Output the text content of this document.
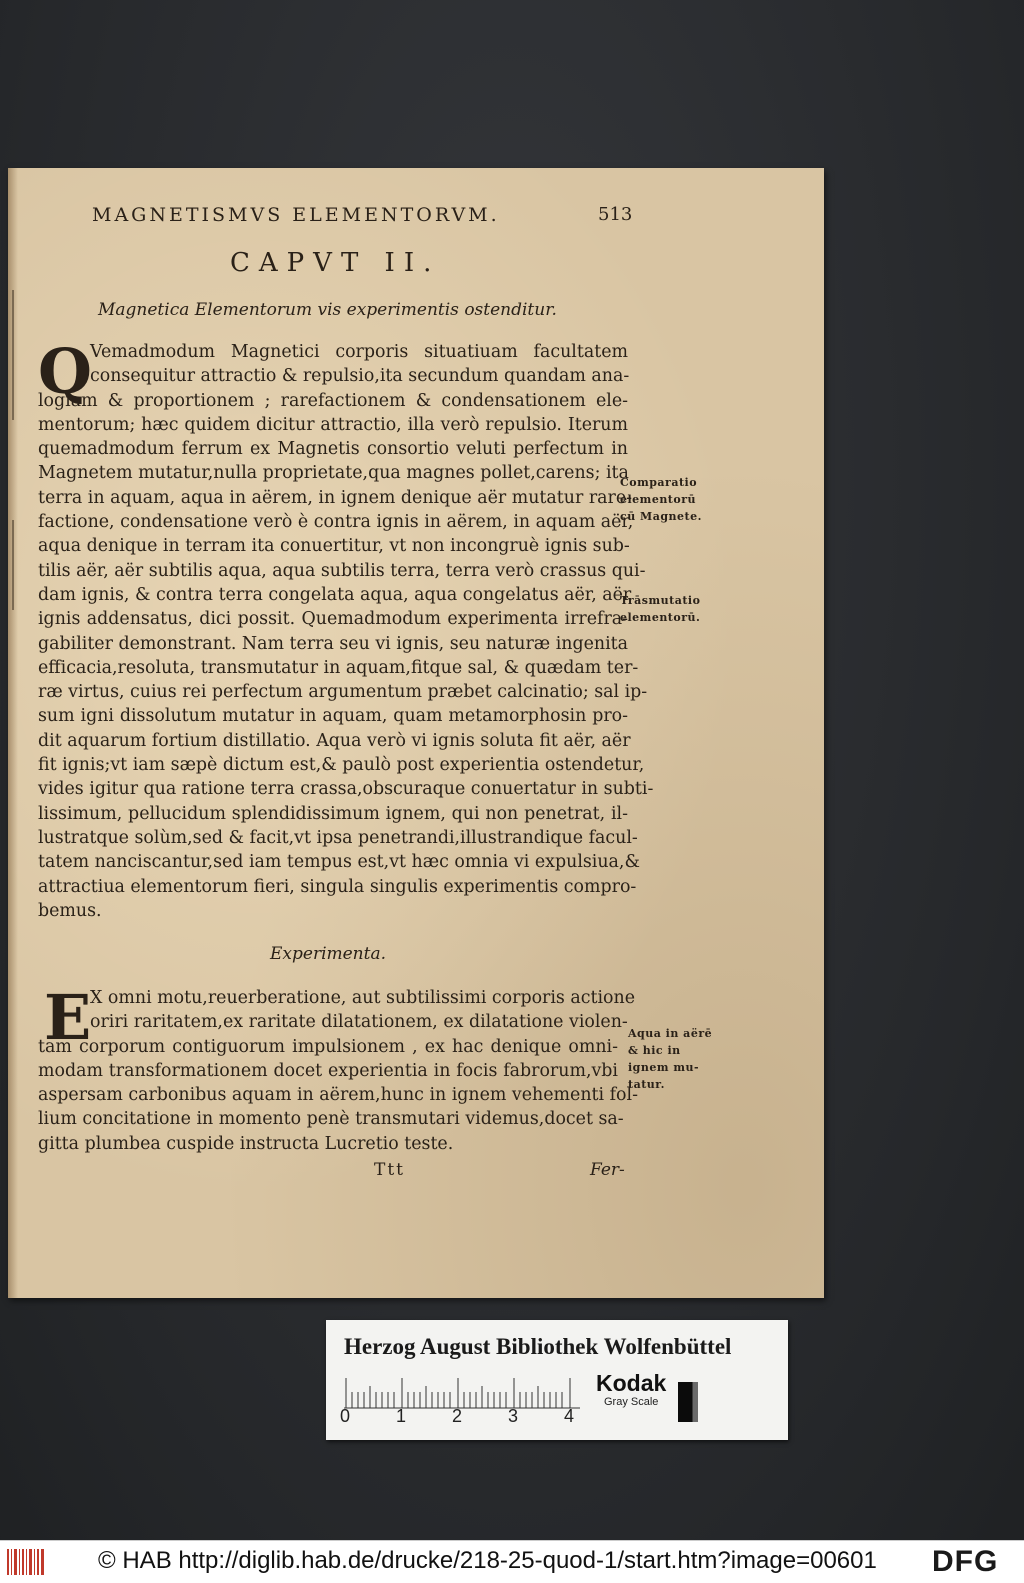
MAGNETISMVS ELEMENTORVM.	513
CAPVT II.
Magnetica Elementorum vis experimentis ostenditur.
Q
Vemadmodum Magnetici corporis situatiuam facultatem
consequitur attractio & repulsio,ita secundum quandam ana-
logiam & proportionem ; rarefactionem & condensationem ele-
mentorum; hæc quidem dicitur attractio, illa verò repulsio. Iterum
quemadmodum ferrum ex Magnetis consortio veluti perfectum in
Magnetem mutatur,nulla proprietate,qua magnes pollet,carens; ita
terra in aquam, aqua in aërem, in ignem denique aër mutatur rare-
factione, condensatione verò è contra ignis in aërem, in aquam aër,
aqua denique in terram ita conuertitur, vt non incongruè ignis sub-
tilis aër, aër subtilis aqua, aqua subtilis terra, terra verò crassus qui-
dam ignis, & contra terra congelata aqua, aqua congelatus aër, aër
ignis addensatus, dici possit. Quemadmodum experimenta irrefra-
gabiliter demonstrant. Nam terra seu vi ignis, seu naturæ ingenita
efficacia,resoluta, transmutatur in aquam,fitque sal, & quædam ter-
ræ virtus, cuius rei perfectum argumentum præbet calcinatio; sal ip-
sum igni dissolutum mutatur in aquam, quam metamorphosin pro-
dit aquarum fortium distillatio. Aqua verò vi ignis soluta fit aër, aër
fit ignis;vt iam sæpè dictum est,& paulò post experientia ostendetur,
vides igitur qua ratione terra crassa,obscuraque conuertatur in subti-
lissimum, pellucidum splendidissimum ignem, qui non penetrat, il-
lustratque solùm,sed & facit,vt ipsa penetrandi,illustrandique facul-
tatem nanciscantur,sed iam tempus est,vt hæc omnia vi expulsiua,&
attractiua elementorum fieri, singula singulis experimentis compro-
bemus.
Comparatio
elementorū
cū Magnete.
Trāsmutatio
elementorū.
Experimenta.
E
X omni motu,reuerberatione, aut subtilissimi corporis actione
oriri raritatem,ex raritate dilatationem, ex dilatatione violen-
tam corporum contiguorum impulsionem , ex hac denique omni-
modam transformationem docet experientia in focis fabrorum,vbi
aspersam carbonibus aquam in aërem,hunc in ignem vehementi fol-
lium concitatione in momento penè transmutari videmus,docet sa-
gitta plumbea cuspide instructa Lucretio teste.
Aqua in aërē
& hic in
ignem mu-
tatur.
Ttt	Fer-
Herzog August Bibliothek Wolfenbüttel
0	1	2	3	4
Kodak
Gray Scale
© HAB http://diglib.hab.de/drucke/218-25-quod-1/start.htm?image=00601 DFG
